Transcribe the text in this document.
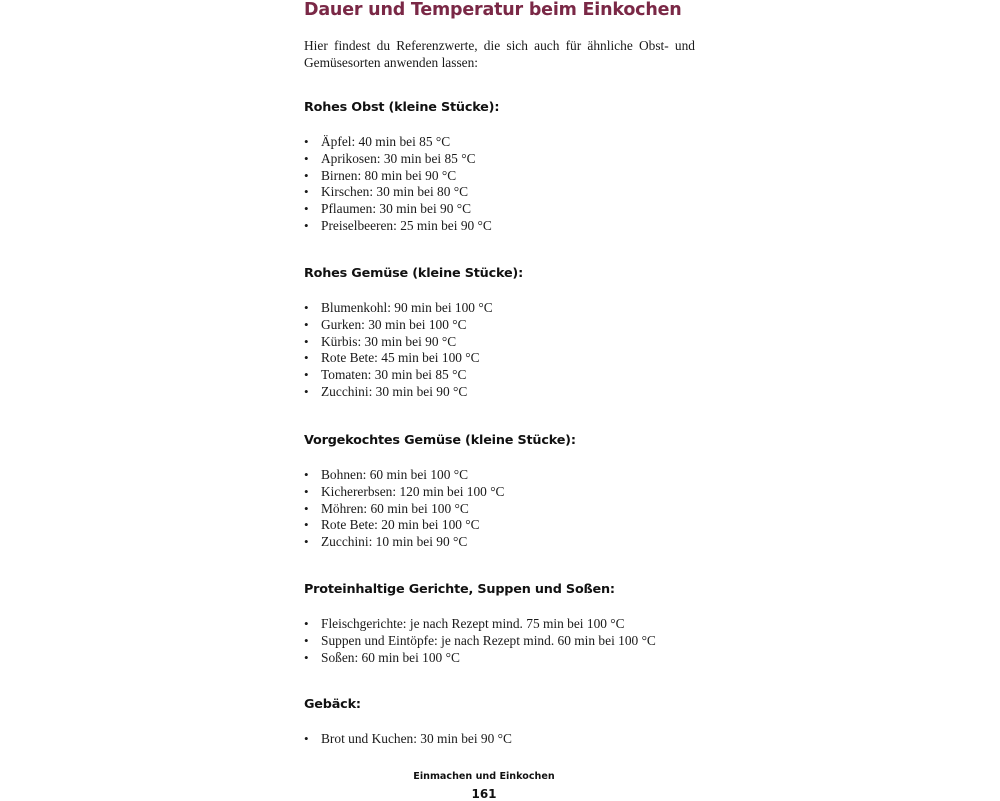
Dauer und Temperatur beim Einkochen

Hier findest du Referenzwerte, die sich auch für ähnliche Obst- und Gemüsesorten anwenden lassen:

Rohes Obst (kleine Stücke):
• Äpfel: 40 min bei 85 °C
• Aprikosen: 30 min bei 85 °C
• Birnen: 80 min bei 90 °C
• Kirschen: 30 min bei 80 °C
• Pflaumen: 30 min bei 90 °C
• Preiselbeeren: 25 min bei 90 °C
Rohes Gemüse (kleine Stücke):
• Blumenkohl: 90 min bei 100 °C
• Gurken: 30 min bei 100 °C
• Kürbis: 30 min bei 90 °C
• Rote Bete: 45 min bei 100 °C
• Tomaten: 30 min bei 85 °C
• Zucchini: 30 min bei 90 °C
Vorgekochtes Gemüse (kleine Stücke):
• Bohnen: 60 min bei 100 °C
• Kichererbsen: 120 min bei 100 °C
• Möhren: 60 min bei 100 °C
• Rote Bete: 20 min bei 100 °C
• Zucchini: 10 min bei 90 °C
Proteinhaltige Gerichte, Suppen und Soßen:
• Fleischgerichte: je nach Rezept mind. 75 min bei 100 °C
• Suppen und Eintöpfe: je nach Rezept mind. 60 min bei 100 °C
• Soßen: 60 min bei 100 °C
Gebäck:
• Brot und Kuchen: 30 min bei 90 °C
Einmachen und Einkochen
161
